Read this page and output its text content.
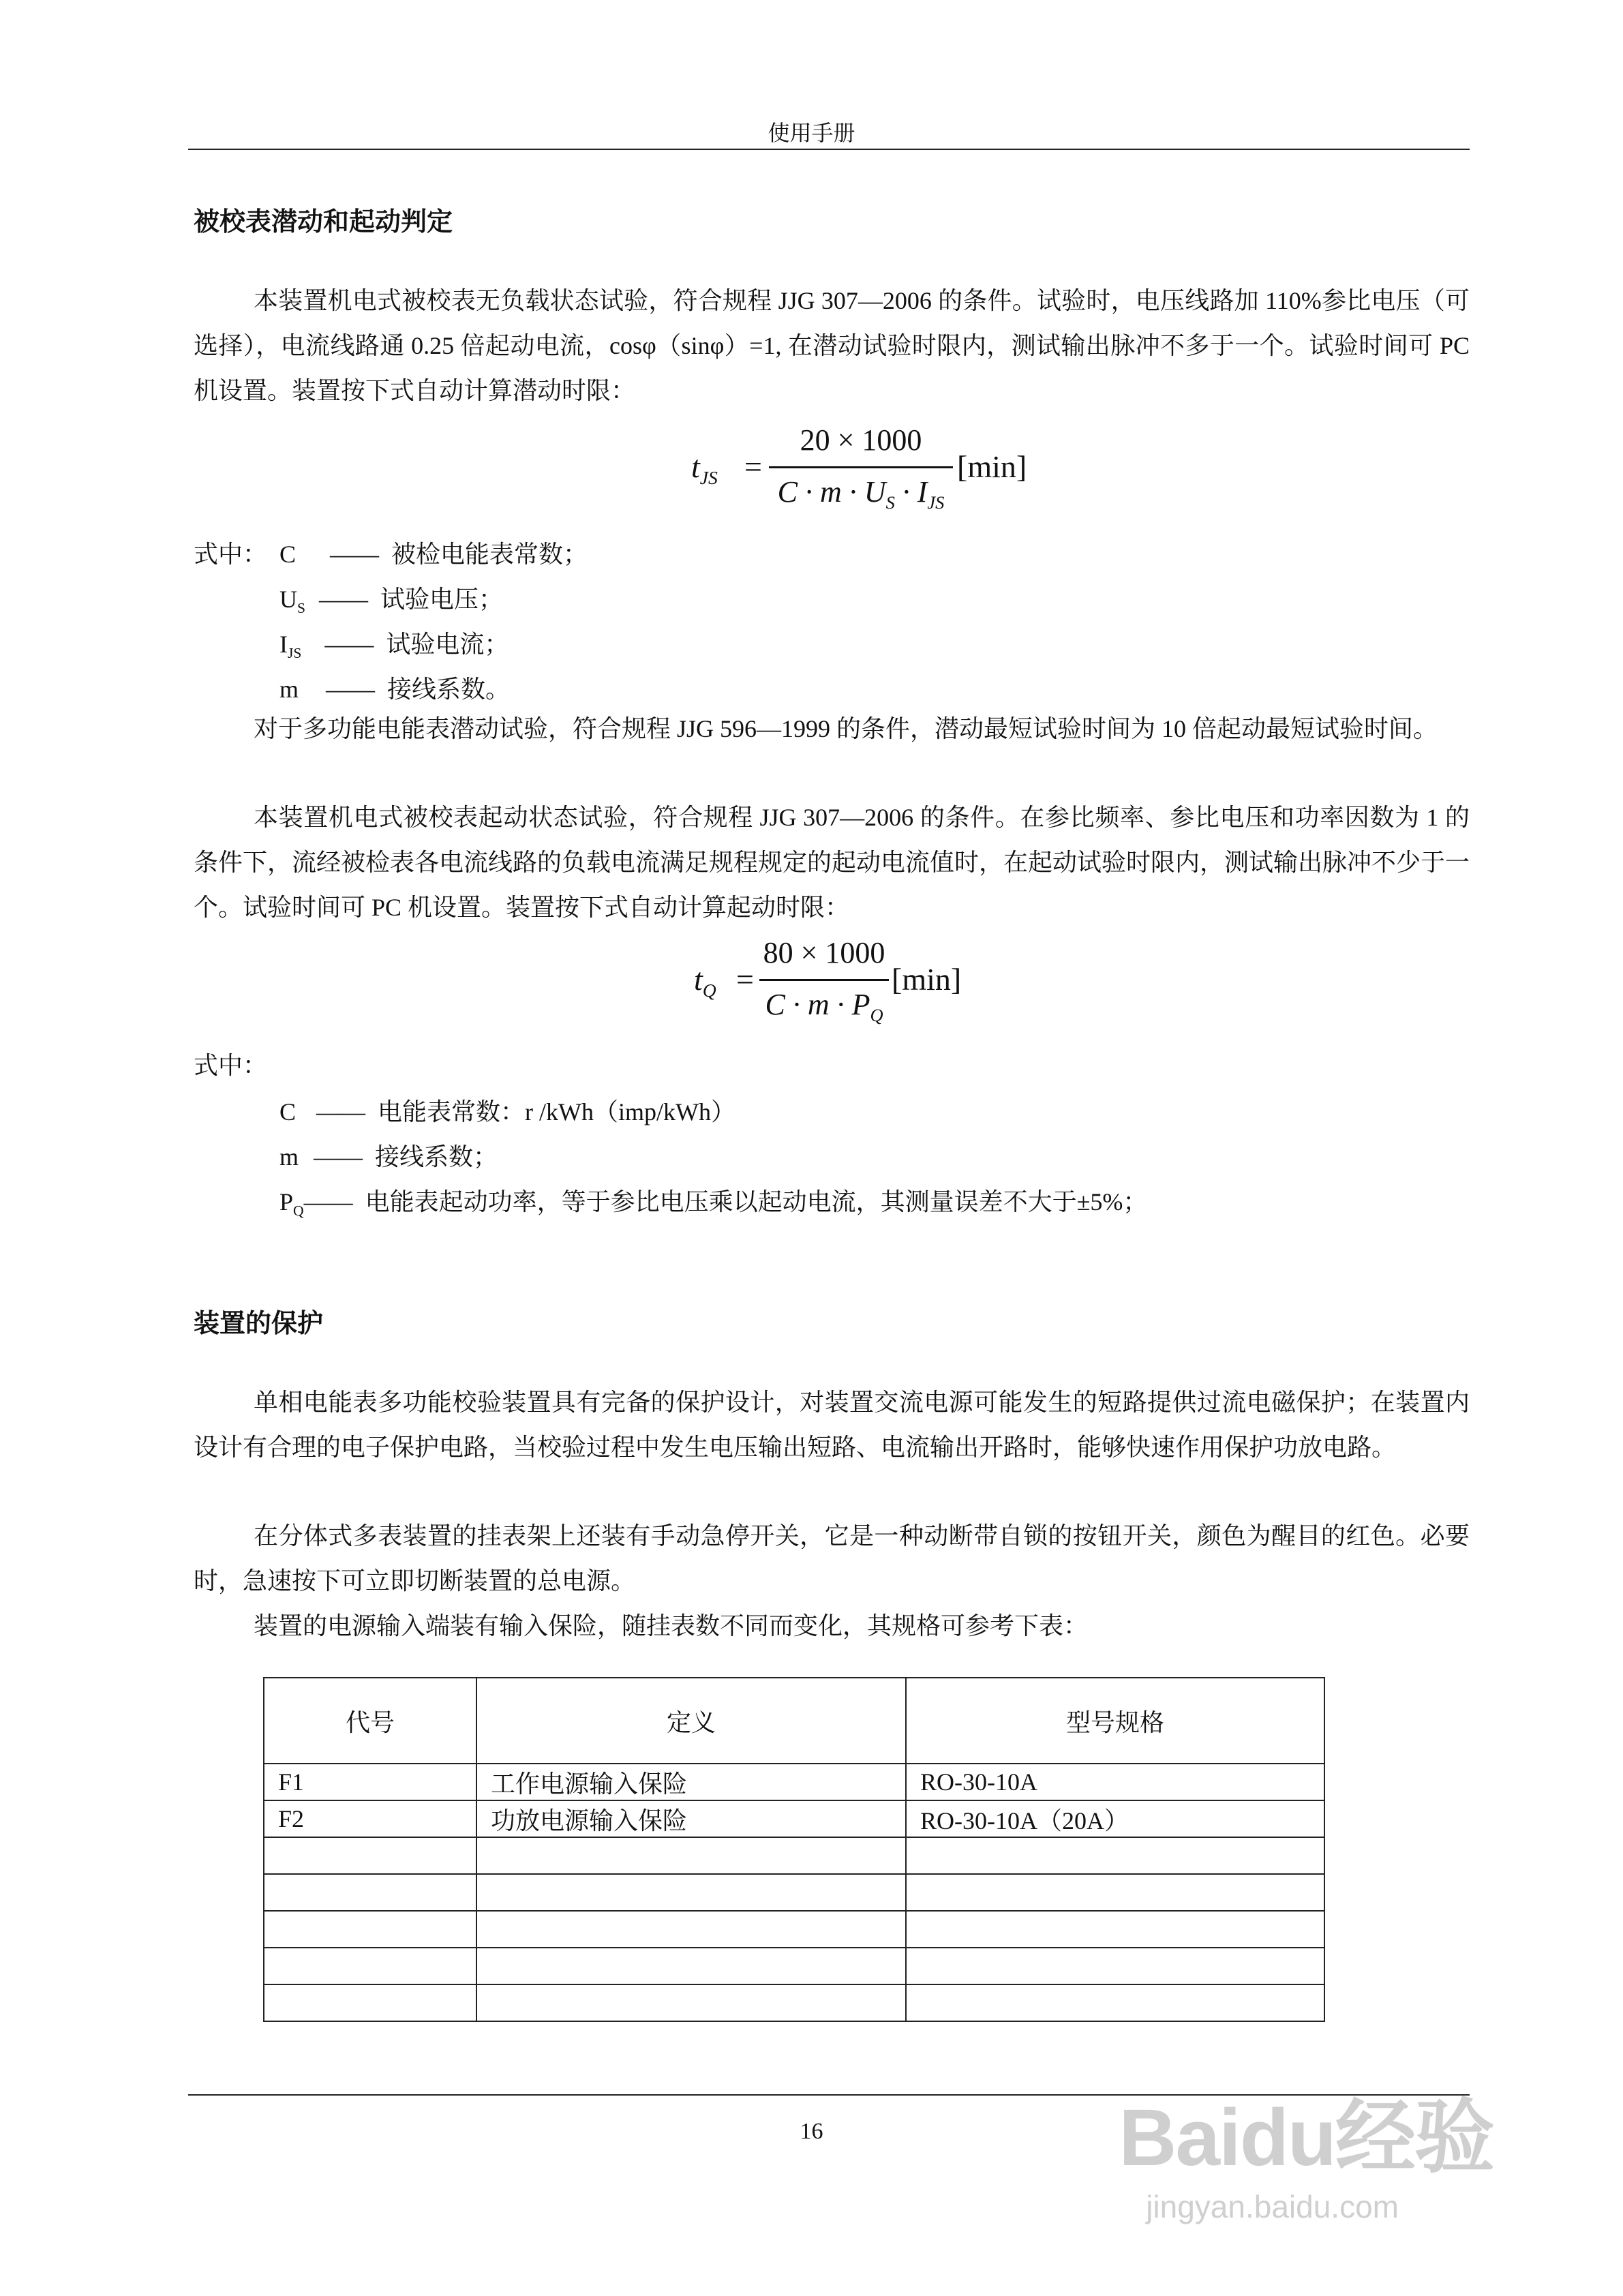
使用手册
被校表潜动和起动判定
本装置机电式被校表无负载状态试验，符合规程 JJG 307—2006 的条件。试验时，电压线路加 110%参比电压（可选择），电流线路通 0.25 倍起动电流，cosφ（sinφ）=1, 在潜动试验时限内，测试输出脉冲不多于一个。试验时间可 PC 机设置。装置按下式自动计算潜动时限：
$t_{JS}$ =
20 × 1000
$C \cdot m \cdot U_S \cdot I_{JS}$
[min]
式中： C —— 被检电能表常数；
$U_S$ —— 试验电压；
$I_{JS}$ —— 试验电流；
m —— 接线系数。
对于多功能电能表潜动试验，符合规程 JJG 596—1999 的条件，潜动最短试验时间为 10 倍起动最短试验时间。
本装置机电式被校表起动状态试验，符合规程 JJG 307—2006 的条件。在参比频率、参比电压和功率因数为 1 的条件下，流经被检表各电流线路的负载电流满足规程规定的起动电流值时，在起动试验时限内，测试输出脉冲不少于一个。试验时间可 PC 机设置。装置按下式自动计算起动时限：
$t_Q$ =
80 × 1000
$C \cdot m \cdot P_Q$
[min]
式中：
C —— 电能表常数：r /kWh（imp/kWh）
m —— 接线系数；
$P_Q——$ 电能表起动功率，等于参比电压乘以起动电流，其测量误差不大于±5%；
装置的保护
单相电能表多功能校验装置具有完备的保护设计，对装置交流电源可能发生的短路提供过流电磁保护；在装置内设计有合理的电子保护电路，当校验过程中发生电压输出短路、电流输出开路时，能够快速作用保护功放电路。
在分体式多表装置的挂表架上还装有手动急停开关，它是一种动断带自锁的按钮开关，颜色为醒目的红色。必要时，急速按下可立即切断装置的总电源。
装置的电源输入端装有输入保险，随挂表数不同而变化，其规格可参考下表：
代号	定义	型号规格
F1	工作电源输入保险	RO-30-10A
F2	功放电源输入保险	RO-30-10A（20A）

16	Baidu经验
jingyan.baidu.com
